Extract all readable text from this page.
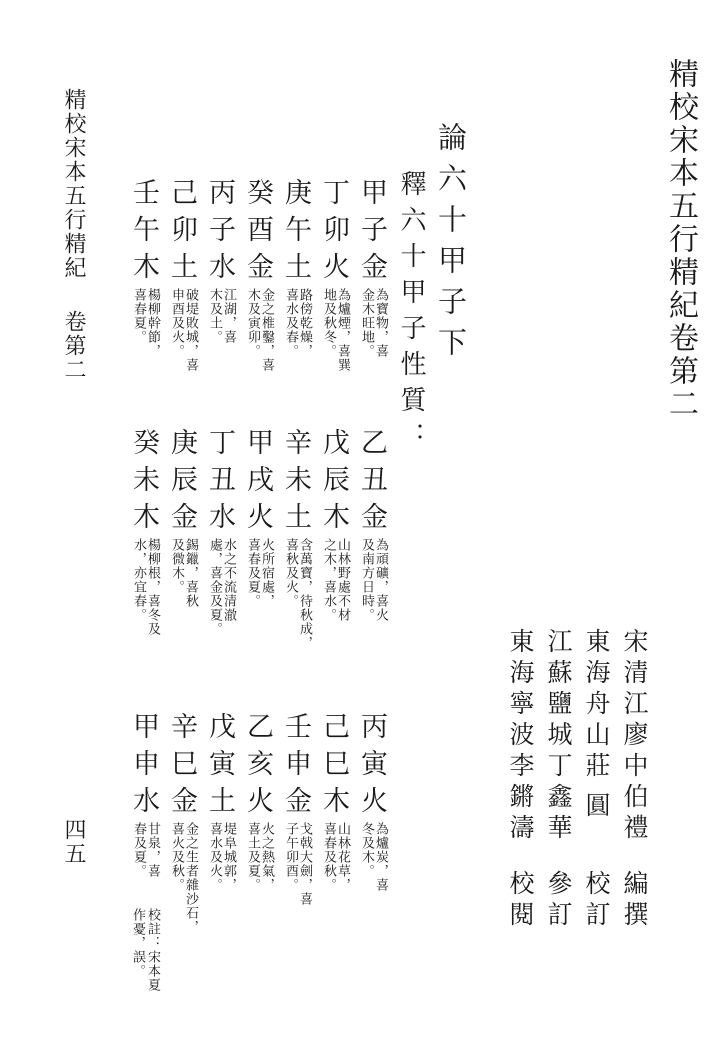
精校宋本五行精紀卷第二
精校宋本五行精紀
卷第二
四五	宋清江廖中伯禮
編撰
東海舟山莊
圓
校訂
江蘇鹽城丁鑫華
參訂
東海寧波李鏘濤
校閱
論六十甲子下
釋六十甲子性質：
甲子金
為寶物，喜
金木旺地。
丁卯火
為爐煙，喜巽
地及秋冬。
庚午土
路傍乾燥，
喜水及春。
癸酉金
金之椎鑿，喜
木及寅卯。
丙子水
江湖，喜
木及土。
己卯土
破堤敗城，喜
申酉及火。
壬午木
楊柳幹節，
喜春夏。
乙丑金
為頑礦，喜火
及南方日時。
戊辰木
山林野處不材
之木，喜水。
辛未土
含萬寶，待秋成，
喜秋及火。
甲戌火
火所宿處，
喜春及夏。
丁丑水
水之不流清澈
處，喜金及夏。
庚辰金
錫鑞，喜秋
及微木。
癸未木
楊柳根，喜冬及
水，亦宜春。
丙寅火
為爐炭，喜
冬及木。
己巳木
山林花草，
喜春及秋。
壬申金
戈戟大劍，喜
子午卯酉。
乙亥火
火之熱氣，
喜土及夏。
戊寅土
堤阜城郭，
喜水及火。
辛巳金
金之生者雜沙石，
喜火及秋。
甲申水
甘泉，喜
春及夏。
校註：宋本夏
作憂，誤。
